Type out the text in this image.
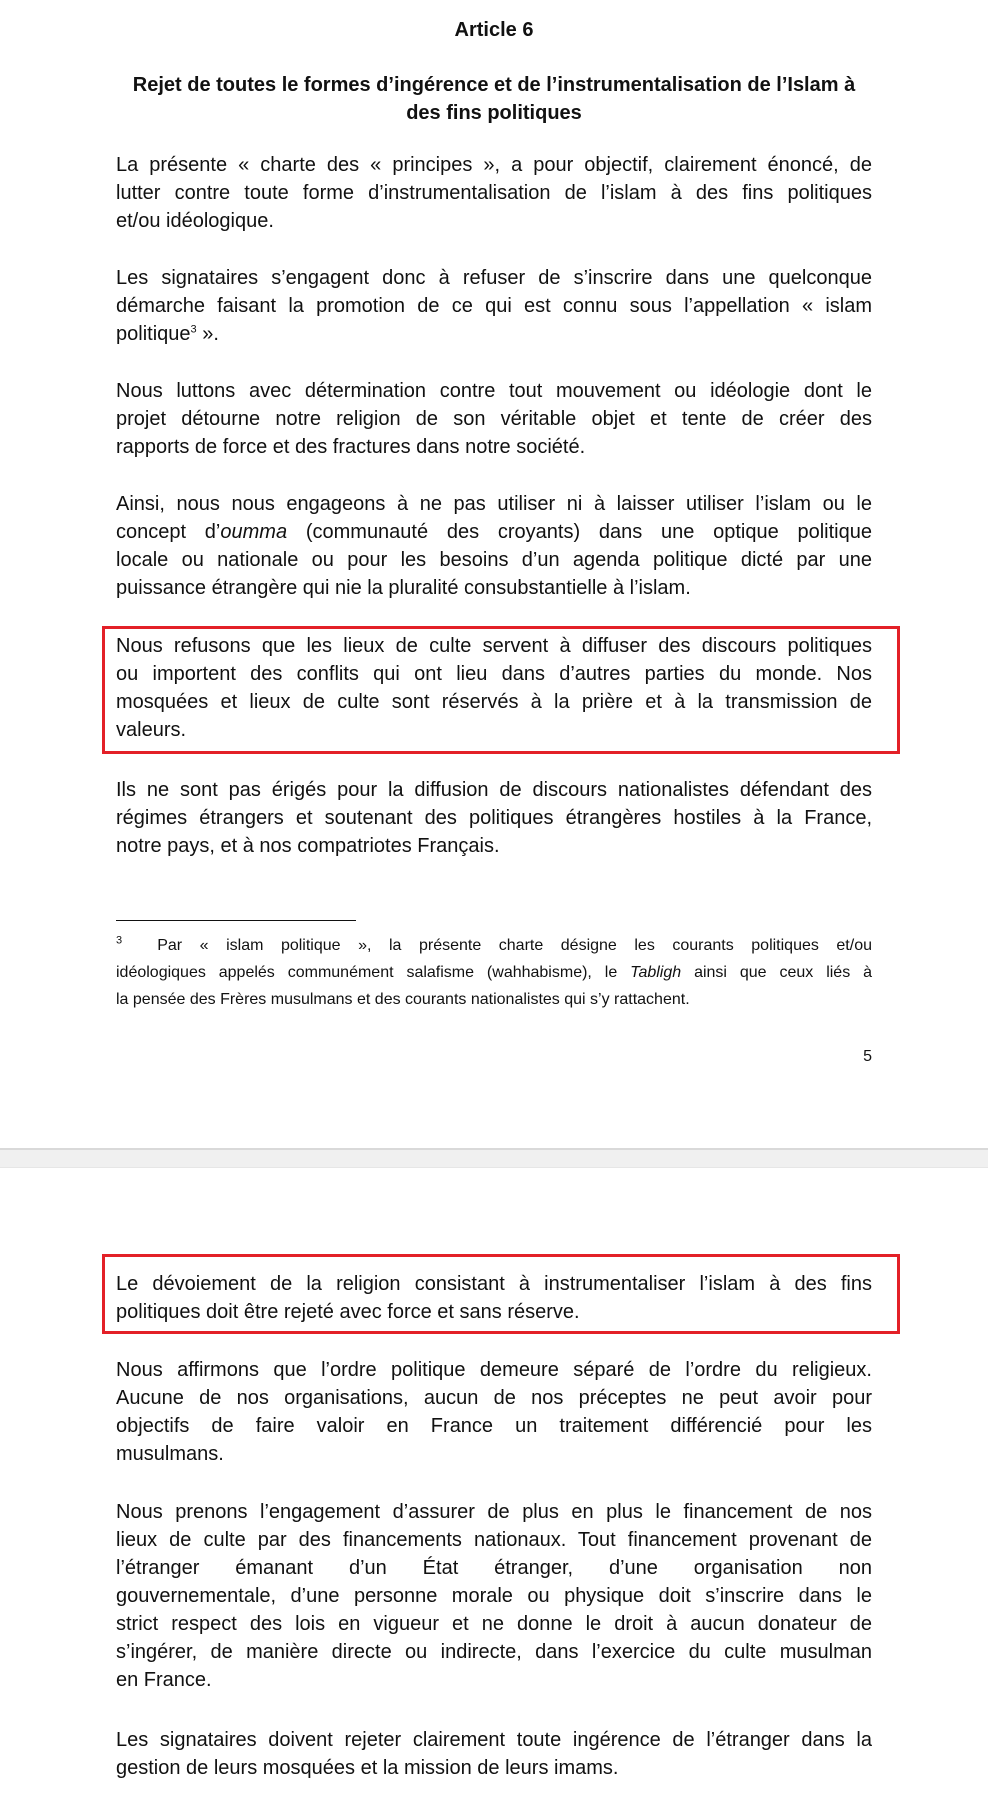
Article 6
Rejet de toutes le formes d’ingérence et de l’instrumentalisation de l’Islam à
des fins politiques
La présente « charte des « principes », a pour objectif, clairement énoncé, de
lutter contre toute forme d’instrumentalisation de l’islam à des fins politiques
et/ou idéologique.
Les signataires s’engagent donc à refuser de s’inscrire dans une quelconque
démarche faisant la promotion de ce qui est connu sous l’appellation « islam
politique$^3$ ».
Nous luttons avec détermination contre tout mouvement ou idéologie dont le
projet détourne notre religion de son véritable objet et tente de créer des
rapports de force et des fractures dans notre société.
Ainsi, nous nous engageons à ne pas utiliser ni à laisser utiliser l’islam ou le
concept d’oumma (communauté des croyants) dans une optique politique
locale ou nationale ou pour les besoins d’un agenda politique dicté par une
puissance étrangère qui nie la pluralité consubstantielle à l’islam.
Nous refusons que les lieux de culte servent à diffuser des discours politiques
ou importent des conflits qui ont lieu dans d’autres parties du monde. Nos
mosquées et lieux de culte sont réservés à la prière et à la transmission de
valeurs.
Ils ne sont pas érigés pour la diffusion de discours nationalistes défendant des
régimes étrangers et soutenant des politiques étrangères hostiles à la France,
notre pays, et à nos compatriotes Français.
$^3$ Par « islam politique », la présente charte désigne les courants politiques et/ou
idéologiques appelés communément salafisme (wahhabisme), le Tabligh ainsi que ceux liés à
la pensée des Frères musulmans et des courants nationalistes qui s’y rattachent.
5
Le dévoiement de la religion consistant à instrumentaliser l’islam à des fins
politiques doit être rejeté avec force et sans réserve.
Nous affirmons que l’ordre politique demeure séparé de l’ordre du religieux.
Aucune de nos organisations, aucun de nos préceptes ne peut avoir pour
objectifs de faire valoir en France un traitement différencié pour les
musulmans.
Nous prenons l’engagement d’assurer de plus en plus le financement de nos
lieux de culte par des financements nationaux. Tout financement provenant de
l’étranger émanant d’un État étranger, d’une organisation non
gouvernementale, d’une personne morale ou physique doit s’inscrire dans le
strict respect des lois en vigueur et ne donne le droit à aucun donateur de
s’ingérer, de manière directe ou indirecte, dans l’exercice du culte musulman
en France.
Les signataires doivent rejeter clairement toute ingérence de l’étranger dans la
gestion de leurs mosquées et la mission de leurs imams.
